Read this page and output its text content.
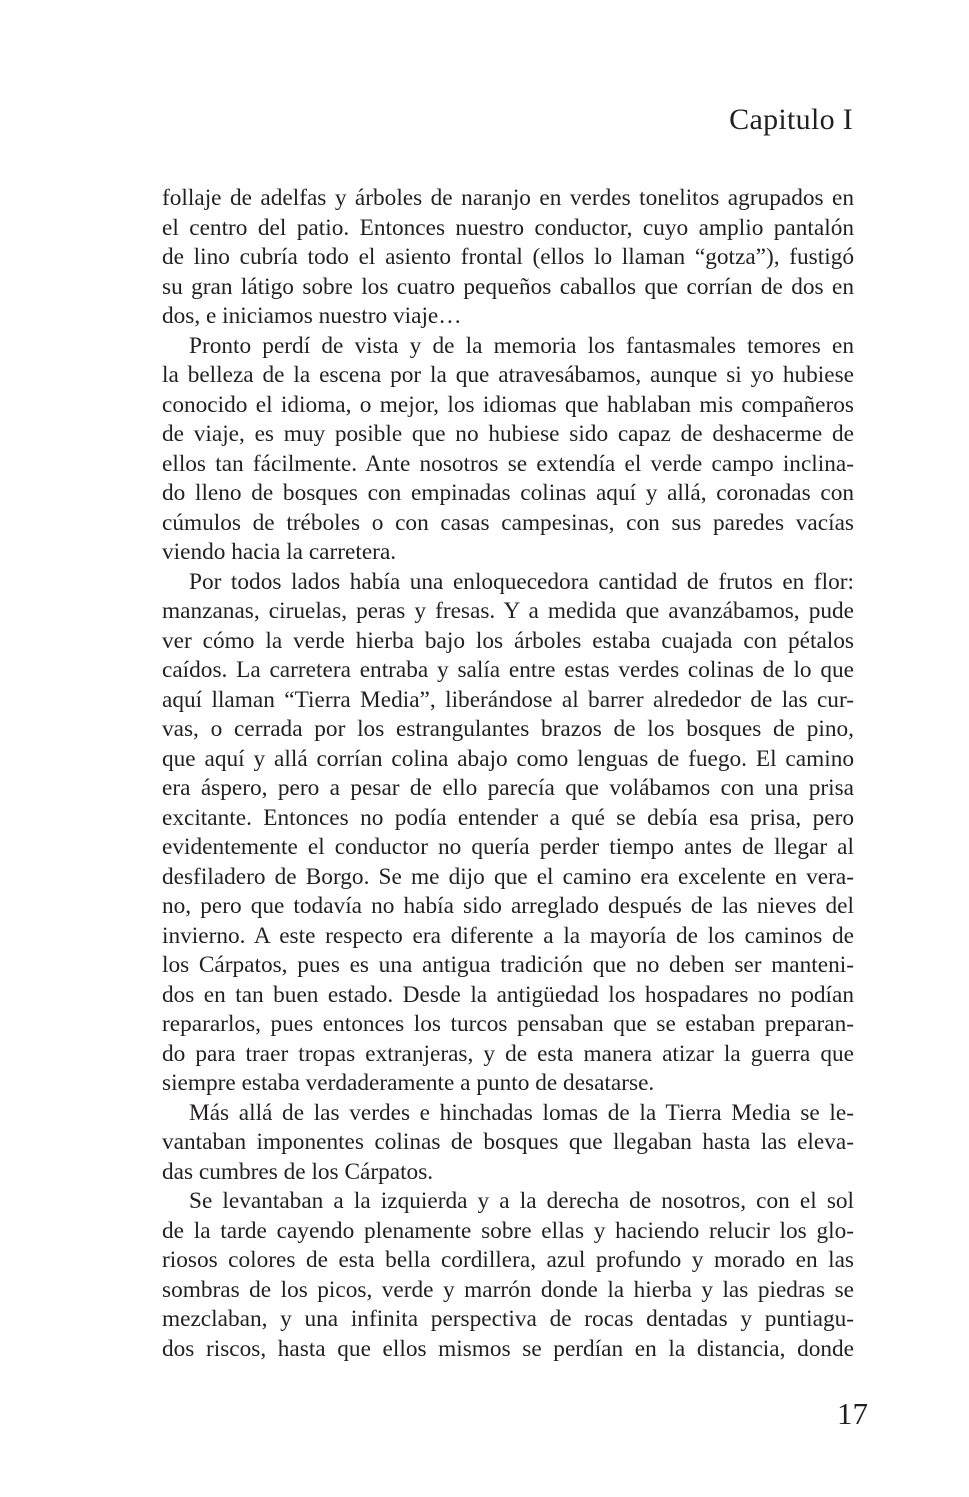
Capitulo I
follaje de adelfas y árboles de naranjo en verdes tonelitos agrupados en
el centro del patio. Entonces nuestro conductor, cuyo amplio pantalón
de lino cubría todo el asiento frontal (ellos lo llaman “gotza”), fustigó
su gran látigo sobre los cuatro pequeños caballos que corrían de dos en
dos, e iniciamos nuestro viaje…
Pronto perdí de vista y de la memoria los fantasmales temores en
la belleza de la escena por la que atravesábamos, aunque si yo hubiese
conocido el idioma, o mejor, los idiomas que hablaban mis compañeros
de viaje, es muy posible que no hubiese sido capaz de deshacerme de
ellos tan fácilmente. Ante nosotros se extendía el verde campo inclina-
do lleno de bosques con empinadas colinas aquí y allá, coronadas con
cúmulos de tréboles o con casas campesinas, con sus paredes vacías
viendo hacia la carretera.
Por todos lados había una enloquecedora cantidad de frutos en flor:
manzanas, ciruelas, peras y fresas. Y a medida que avanzábamos, pude
ver cómo la verde hierba bajo los árboles estaba cuajada con pétalos
caídos. La carretera entraba y salía entre estas verdes colinas de lo que
aquí llaman “Tierra Media”, liberándose al barrer alrededor de las cur-
vas, o cerrada por los estrangulantes brazos de los bosques de pino,
que aquí y allá corrían colina abajo como lenguas de fuego. El camino
era áspero, pero a pesar de ello parecía que volábamos con una prisa
excitante. Entonces no podía entender a qué se debía esa prisa, pero
evidentemente el conductor no quería perder tiempo antes de llegar al
desfiladero de Borgo. Se me dijo que el camino era excelente en vera-
no, pero que todavía no había sido arreglado después de las nieves del
invierno. A este respecto era diferente a la mayoría de los caminos de
los Cárpatos, pues es una antigua tradición que no deben ser manteni-
dos en tan buen estado. Desde la antigüedad los hospadares no podían
repararlos, pues entonces los turcos pensaban que se estaban preparan-
do para traer tropas extranjeras, y de esta manera atizar la guerra que
siempre estaba verdaderamente a punto de desatarse.
Más allá de las verdes e hinchadas lomas de la Tierra Media se le-
vantaban imponentes colinas de bosques que llegaban hasta las eleva-
das cumbres de los Cárpatos.
Se levantaban a la izquierda y a la derecha de nosotros, con el sol
de la tarde cayendo plenamente sobre ellas y haciendo relucir los glo-
riosos colores de esta bella cordillera, azul profundo y morado en las
sombras de los picos, verde y marrón donde la hierba y las piedras se
mezclaban, y una infinita perspectiva de rocas dentadas y puntiagu-
dos riscos, hasta que ellos mismos se perdían en la distancia, donde
17
